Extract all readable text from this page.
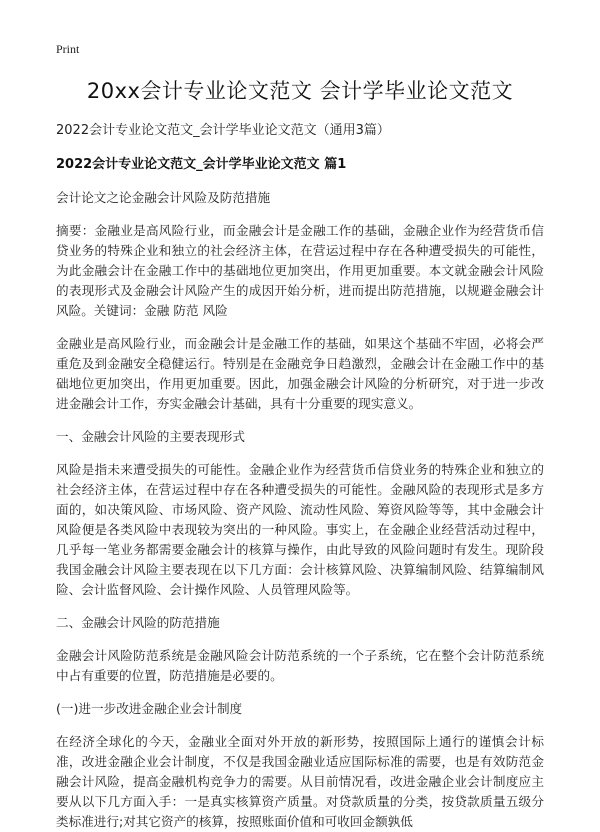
Print
20xx会计专业论文范文 会计学毕业论文范文
2022会计专业论文范文_会计学毕业论文范文（通用3篇）
2022会计专业论文范文_会计学毕业论文范文 篇1
会计论文之论金融会计风险及防范措施

摘要：金融业是高风险行业，而金融会计是金融工作的基础，金融企业作为经营货币信贷业务的特殊企业和独立的社会经济主体，在营运过程中存在各种遭受损失的可能性，为此金融会计在金融工作中的基础地位更加突出，作用更加重要。本文就金融会计风险的表现形式及金融会计风险产生的成因开始分析，进而提出防范措施，以规避金融会计风险。关键词：金融 防范 风险

金融业是高风险行业，而金融会计是金融工作的基础，如果这个基础不牢固，必将会严重危及到金融安全稳健运行。特别是在金融竞争日趋激烈，金融会计在金融工作中的基础地位更加突出，作用更加重要。因此，加强金融会计风险的分析研究，对于进一步改进金融会计工作，夯实金融会计基础，具有十分重要的现实意义。

一、金融会计风险的主要表现形式

风险是指未来遭受损失的可能性。金融企业作为经营货币信贷业务的特殊企业和独立的社会经济主体，在营运过程中存在各种遭受损失的可能性。金融风险的表现形式是多方面的，如决策风险、市场风险、资产风险、流动性风险、筹资风险等等，其中金融会计风险便是各类风险中表现较为突出的一种风险。事实上，在金融企业经营活动过程中，几乎每一笔业务都需要金融会计的核算与操作，由此导致的风险问题时有发生。现阶段我国金融会计风险主要表现在以下几方面：会计核算风险、决算编制风险、结算编制风险、会计监督风险、会计操作风险、人员管理风险等。

二、金融会计风险的防范措施

金融会计风险防范系统是金融风险会计防范系统的一个子系统，它在整个会计防范系统中占有重要的位置，防范措施是必要的。

(一)进一步改进金融企业会计制度

在经济全球化的今天，金融业全面对外开放的新形势，按照国际上通行的谨慎会计标准，改进金融企业会计制度，不仅是我国金融业适应国际标准的需要，也是有效防范金融会计风险，提高金融机构竞争力的需要。从目前情况看，改进金融企业会计制度应主要从以下几方面入手：一是真实核算资产质量。对贷款质量的分类，按贷款质量五级分类标准进行;对其它资产的核算，按照账面价值和可收回金额孰低
